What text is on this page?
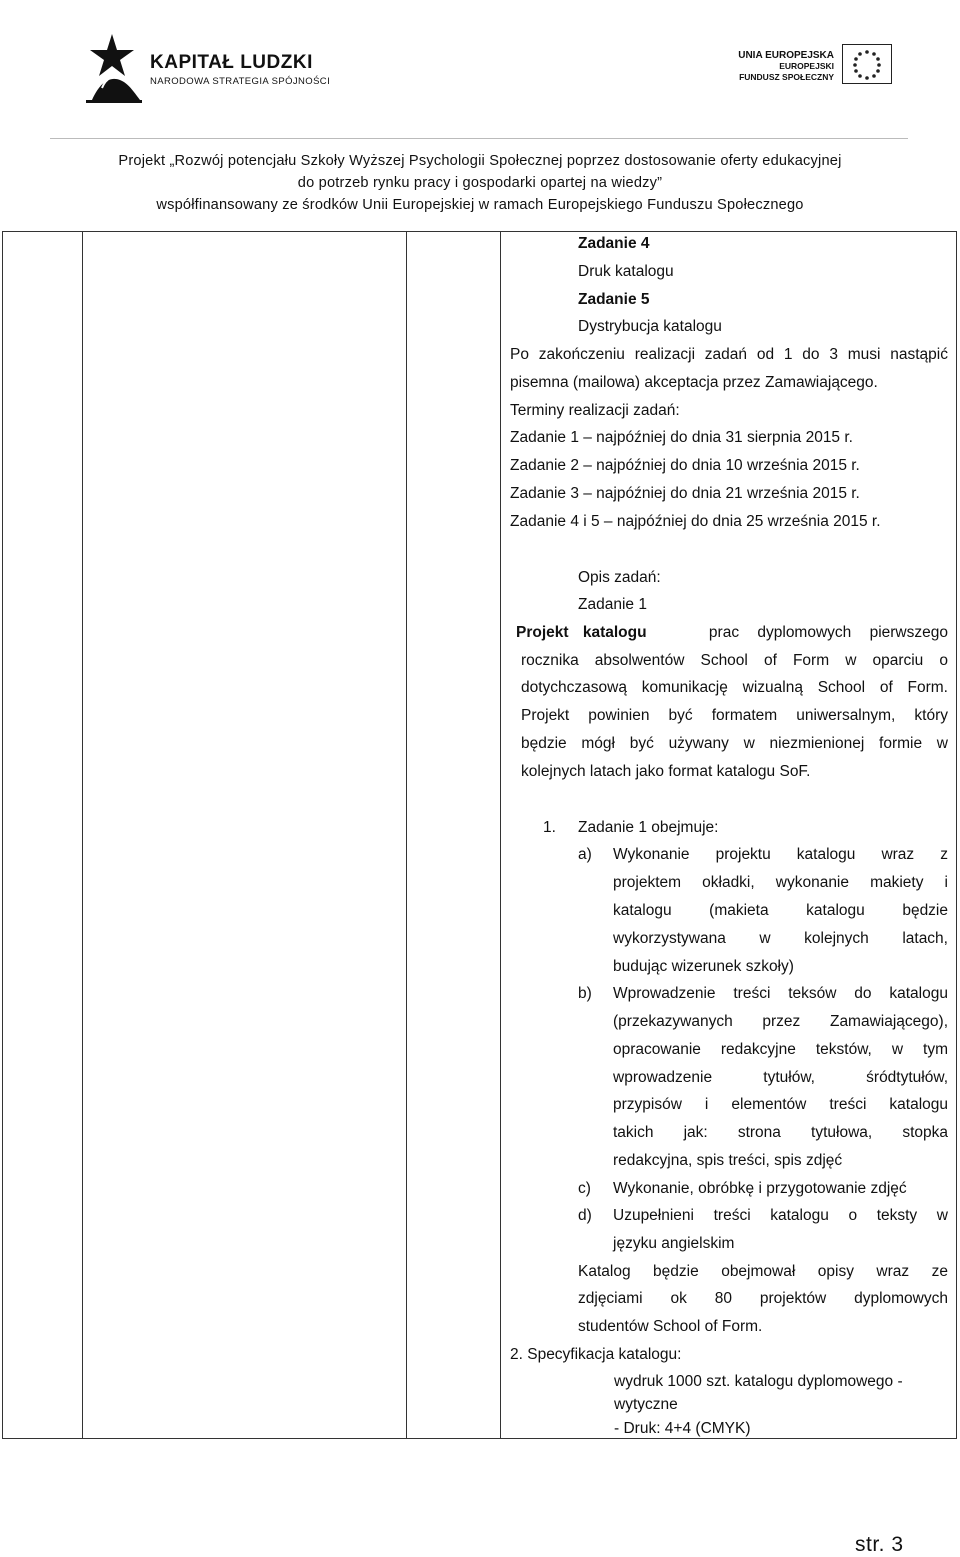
KAPITAŁ LUDZKI
NARODOWA STRATEGIA SPÓJNOŚCI
UNIA EUROPEJSKA
EUROPEJSKI
FUNDUSZ SPOŁECZNY
Projekt „Rozwój potencjału Szkoły Wyższej Psychologii Społecznej poprzez dostosowanie oferty edukacyjnej
do potrzeb rynku pracy i gospodarki opartej na wiedzy”
współfinansowany ze środków Unii Europejskiej w ramach Europejskiego Funduszu Społecznego
Zadanie 4
Druk katalogu
Zadanie 5
Dystrybucja katalogu
Po zakończeniu realizacji zadań od 1 do 3 musi nastąpić
pisemna (mailowa) akceptacja przez Zamawiającego.
Terminy realizacji zadań:
Zadanie 1 – najpóźniej do dnia 31 sierpnia 2015 r.
Zadanie 2 – najpóźniej do dnia 10 września 2015 r.
Zadanie 3 – najpóźniej do dnia 21 września 2015 r.
Zadanie 4 i 5 – najpóźniej do dnia 25 września 2015 r.
Opis zadań:
Zadanie 1
Projekt katalogu	prac dyplomowych pierwszego
rocznika absolwentów School of Form w oparciu o
dotychczasową komunikację wizualną School of Form.
Projekt powinien być formatem uniwersalnym, który
będzie mógł być używany w niezmienionej formie w
kolejnych latach jako format katalogu SoF.
1. Zadanie 1 obejmuje:
a) Wykonanie projektu katalogu wraz z
projektem okładki, wykonanie makiety i
katalogu (makieta katalogu będzie
wykorzystywana w kolejnych latach,
budując wizerunek szkoły)
b) Wprowadzenie treści teksów do katalogu
(przekazywanych przez Zamawiającego),
opracowanie redakcyjne tekstów, w tym
wprowadzenie tytułów, śródtytułów,
przypisów i elementów treści katalogu
takich jak: strona tytułowa, stopka
redakcyjna, spis treści, spis zdjęć
c) Wykonanie, obróbkę i przygotowanie zdjęć
d) Uzupełnieni treści katalogu o teksty w
języku angielskim
Katalog będzie obejmował opisy wraz ze
zdjęciami ok 80 projektów dyplomowych
studentów School of Form.
2. Specyfikacja katalogu:
wydruk 1000 szt. katalogu dyplomowego -
wytyczne
- Druk: 4+4 (CMYK)
str. 3
